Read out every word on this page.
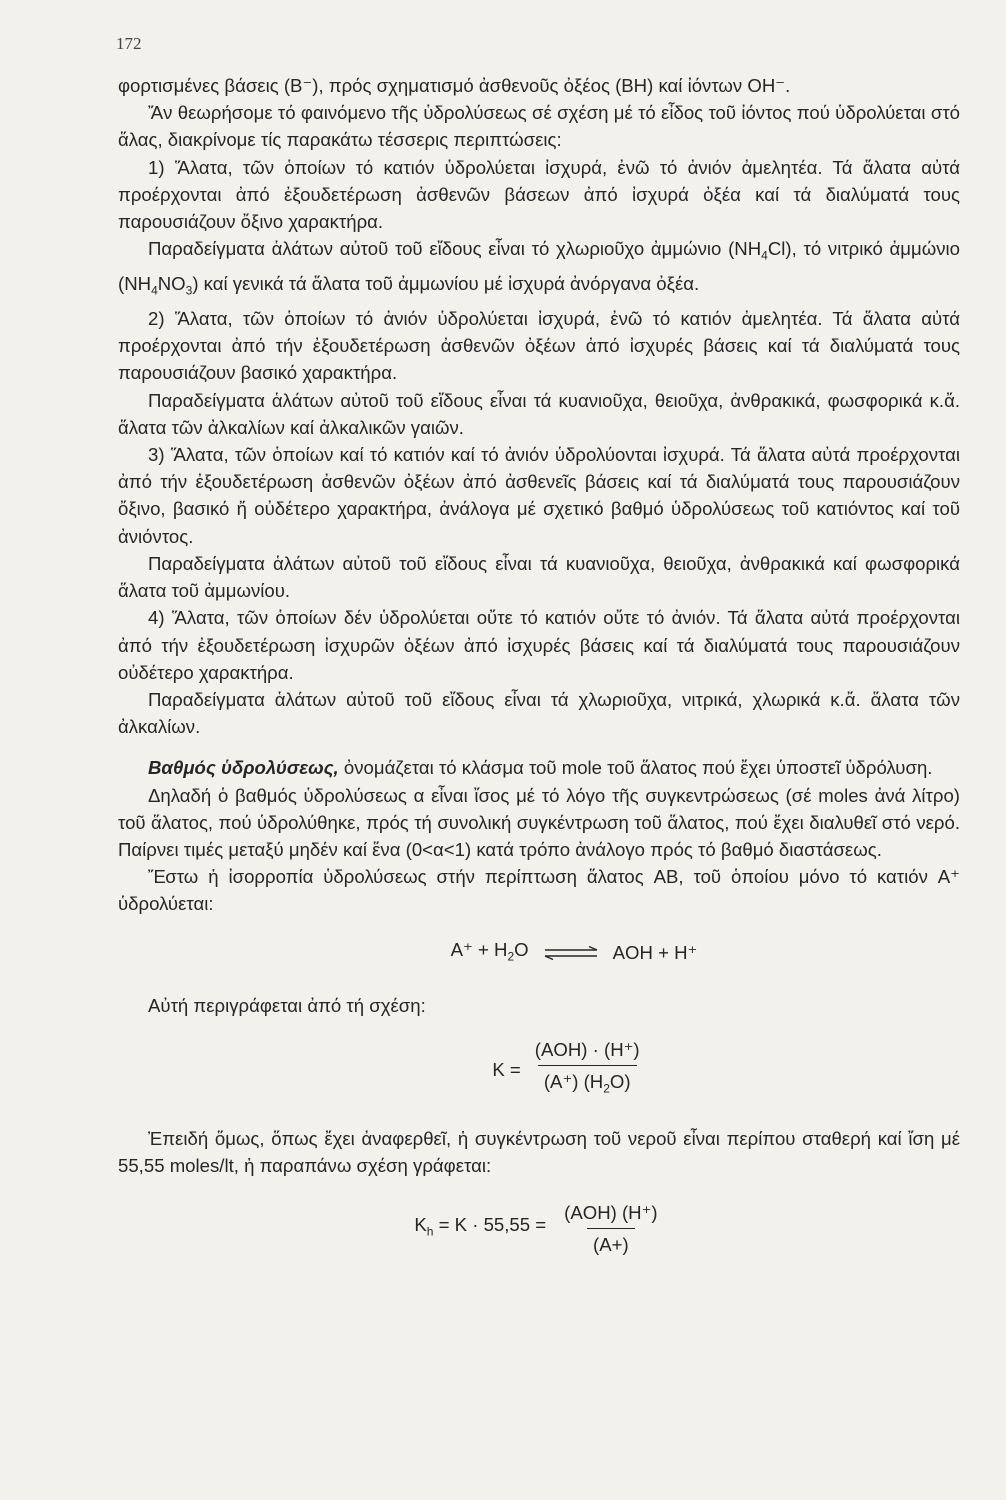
172

φορτισμένες βάσεις (B⁻), πρός σχηματισμό ἀσθενοῦς ὀξέος (BH) καί ἰόντων OH⁻.

Ἄν θεωρήσομε τό φαινόμενο τῆς ὑδρολύσεως σέ σχέση μέ τό εἶδος τοῦ ἰόντος πού ὑδρολύεται στό ἅλας, διακρίνομε τίς παρακάτω τέσσερις περιπτώσεις:

1) Ἅλατα, τῶν ὁποίων τό κατιόν ὑδρολύεται ἰσχυρά, ἐνῶ τό ἀνιόν ἀμελητέα. Τά ἅλατα αὐτά προέρχονται ἀπό ἐξουδετέρωση ἀσθενῶν βάσεων ἀπό ἰσχυρά ὀξέα καί τά διαλύματά τους παρουσιάζουν ὄξινο χαρακτήρα.

Παραδείγματα ἁλάτων αὐτοῦ τοῦ εἴδους εἶναι τό χλωριοῦχο ἀμμώνιο $(NH_4Cl)$, τό νιτρικό ἀμμώνιο $(NH_4NO_3)$ καί γενικά τά ἅλατα τοῦ ἀμμωνίου μέ ἰσχυρά ἀνόργανα ὀξέα.

2) Ἅλατα, τῶν ὁποίων τό ἀνιόν ὑδρολύεται ἰσχυρά, ἐνῶ τό κατιόν ἀμελητέα. Τά ἅλατα αὐτά προέρχονται ἀπό τήν ἐξουδετέρωση ἀσθενῶν ὀξέων ἀπό ἰσχυρές βάσεις καί τά διαλύματά τους παρουσιάζουν βασικό χαρακτήρα.

Παραδείγματα ἁλάτων αὐτοῦ τοῦ εἴδους εἶναι τά κυανιοῦχα, θειοῦχα, ἀνθρακικά, φωσφορικά κ.ἄ. ἅλατα τῶν ἀλκαλίων καί ἀλκαλικῶν γαιῶν.

3) Ἅλατα, τῶν ὁποίων καί τό κατιόν καί τό ἀνιόν ὑδρολύονται ἰσχυρά. Τά ἅλατα αὐτά προέρχονται ἀπό τήν ἐξουδετέρωση ἀσθενῶν ὀξέων ἀπό ἀσθενεῖς βάσεις καί τά διαλύματά τους παρουσιάζουν ὄξινο, βασικό ἤ οὐδέτερο χαρακτήρα, ἀνάλογα μέ σχετικό βαθμό ὑδρολύσεως τοῦ κατιόντος καί τοῦ ἀνιόντος.

Παραδείγματα ἁλάτων αὐτοῦ τοῦ εἴδους εἶναι τά κυανιοῦχα, θειοῦχα, ἀνθρακικά καί φωσφορικά ἅλατα τοῦ ἀμμωνίου.

4) Ἅλατα, τῶν ὁποίων δέν ὑδρολύεται οὔτε τό κατιόν οὔτε τό ἀνιόν. Τά ἅλατα αὐτά προέρχονται ἀπό τήν ἐξουδετέρωση ἰσχυρῶν ὀξέων ἀπό ἰσχυρές βάσεις καί τά διαλύματά τους παρουσιάζουν οὐδέτερο χαρακτήρα.

Παραδείγματα ἁλάτων αὐτοῦ τοῦ εἴδους εἶναι τά χλωριοῦχα, νιτρικά, χλωρικά κ.ἄ. ἅλατα τῶν ἀλκαλίων.

Βαθμός ὑδρολύσεως, ὀνομάζεται τό κλάσμα τοῦ mole τοῦ ἅλατος πού ἔχει ὑποστεῖ ὑδρόλυση.

Δηλαδή ὁ βαθμός ὑδρολύσεως α εἶναι ἴσος μέ τό λόγο τῆς συγκεντρώσεως (σέ moles ἀνά λίτρο) τοῦ ἅλατος, πού ὑδρολύθηκε, πρός τή συνολική συγκέντρωση τοῦ ἅλατος, πού ἔχει διαλυθεῖ στό νερό. Παίρνει τιμές μεταξύ μηδέν καί ἕνα (0<α<1) κατά τρόπο ἀνάλογο πρός τό βαθμό διαστάσεως.

Ἔστω ἡ ἰσορροπία ὑδρολύσεως στήν περίπτωση ἅλατος AB, τοῦ ὁποίου μόνο τό κατιόν A⁺ ὑδρολύεται:

$A^+ + H_2O$ ⇌ AOH + H⁺

Αὐτή περιγράφεται ἀπό τή σχέση:

$K = \frac{\text{(AOH) · (H⁺)}}{(A^+) (H_2O)}$

Ἐπειδή ὅμως, ὅπως ἔχει ἀναφερθεῖ, ἡ συγκέντρωση τοῦ νεροῦ εἶναι περίπου σταθερή καί ἴση μέ 55,55 moles/lt, ἡ παραπάνω σχέση γράφεται:

$K_h = K \cdot 55,55 = \frac{\text{(AOH) (H⁺)}}{(A+)}$
